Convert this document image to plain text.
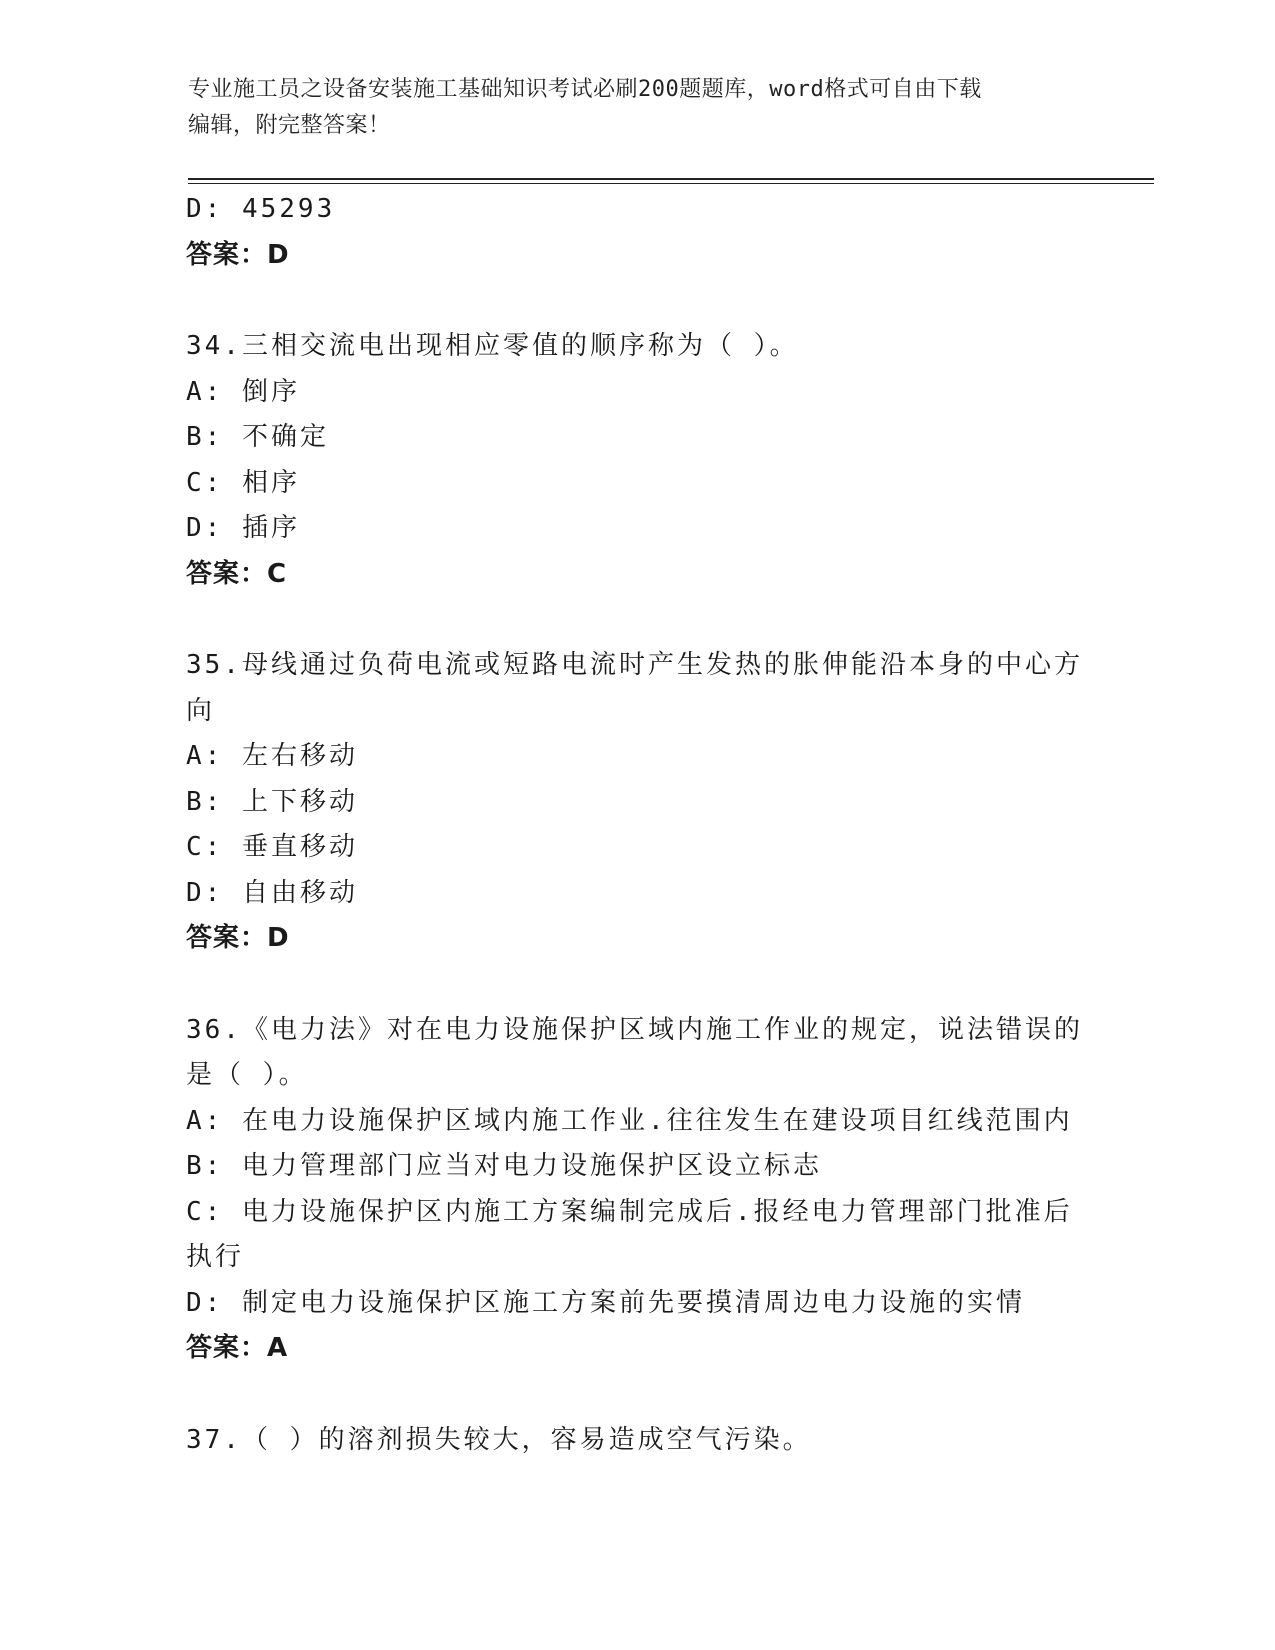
专业施工员之设备安装施工基础知识考试必刷200题题库，word格式可自由下载
编辑，附完整答案！
D: 45293
答案：D
34.三相交流电出现相应零值的顺序称为（ ）。
A: 倒序
B: 不确定
C: 相序
D: 插序
答案：C
35.母线通过负荷电流或短路电流时产生发热的胀伸能沿本身的中心方
向
A: 左右移动
B: 上下移动
C: 垂直移动
D: 自由移动
答案：D
36.《电力法》对在电力设施保护区域内施工作业的规定，说法错误的
是（ ）。
A: 在电力设施保护区域内施工作业.往往发生在建设项目红线范围内
B: 电力管理部门应当对电力设施保护区设立标志
C: 电力设施保护区内施工方案编制完成后.报经电力管理部门批准后
执行
D: 制定电力设施保护区施工方案前先要摸清周边电力设施的实情
答案：A
37.（ ）的溶剂损失较大，容易造成空气污染。
